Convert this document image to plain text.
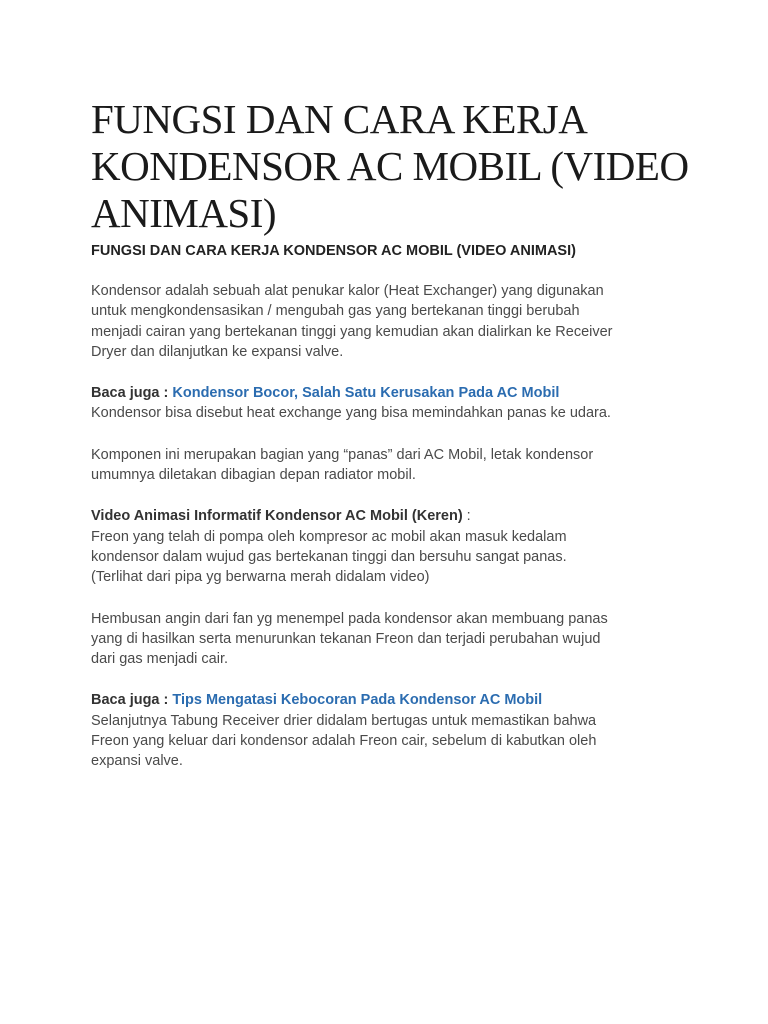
FUNGSI DAN CARA KERJA
KONDENSOR AC MOBIL (VIDEO
ANIMASI)
FUNGSI DAN CARA KERJA KONDENSOR AC MOBIL (VIDEO ANIMASI)

Kondensor adalah sebuah alat penukar kalor (Heat Exchanger) yang digunakan
untuk mengkondensasikan / mengubah gas yang bertekanan tinggi berubah
menjadi cairan yang bertekanan tinggi yang kemudian akan dialirkan ke Receiver
Dryer dan dilanjutkan ke expansi valve.

Baca juga : Kondensor Bocor, Salah Satu Kerusakan Pada AC Mobil
Kondensor bisa disebut heat exchange yang bisa memindahkan panas ke udara.

Komponen ini merupakan bagian yang “panas” dari AC Mobil, letak kondensor
umumnya diletakan dibagian depan radiator mobil.

Video Animasi Informatif Kondensor AC Mobil (Keren) :
Freon yang telah di pompa oleh kompresor ac mobil akan masuk kedalam
kondensor dalam wujud gas bertekanan tinggi dan bersuhu sangat panas.
(Terlihat dari pipa yg berwarna merah didalam video)

Hembusan angin dari fan yg menempel pada kondensor akan membuang panas
yang di hasilkan serta menurunkan tekanan Freon dan terjadi perubahan wujud
dari gas menjadi cair.

Baca juga : Tips Mengatasi Kebocoran Pada Kondensor AC Mobil
Selanjutnya Tabung Receiver drier didalam bertugas untuk memastikan bahwa
Freon yang keluar dari kondensor adalah Freon cair, sebelum di kabutkan oleh
expansi valve.
